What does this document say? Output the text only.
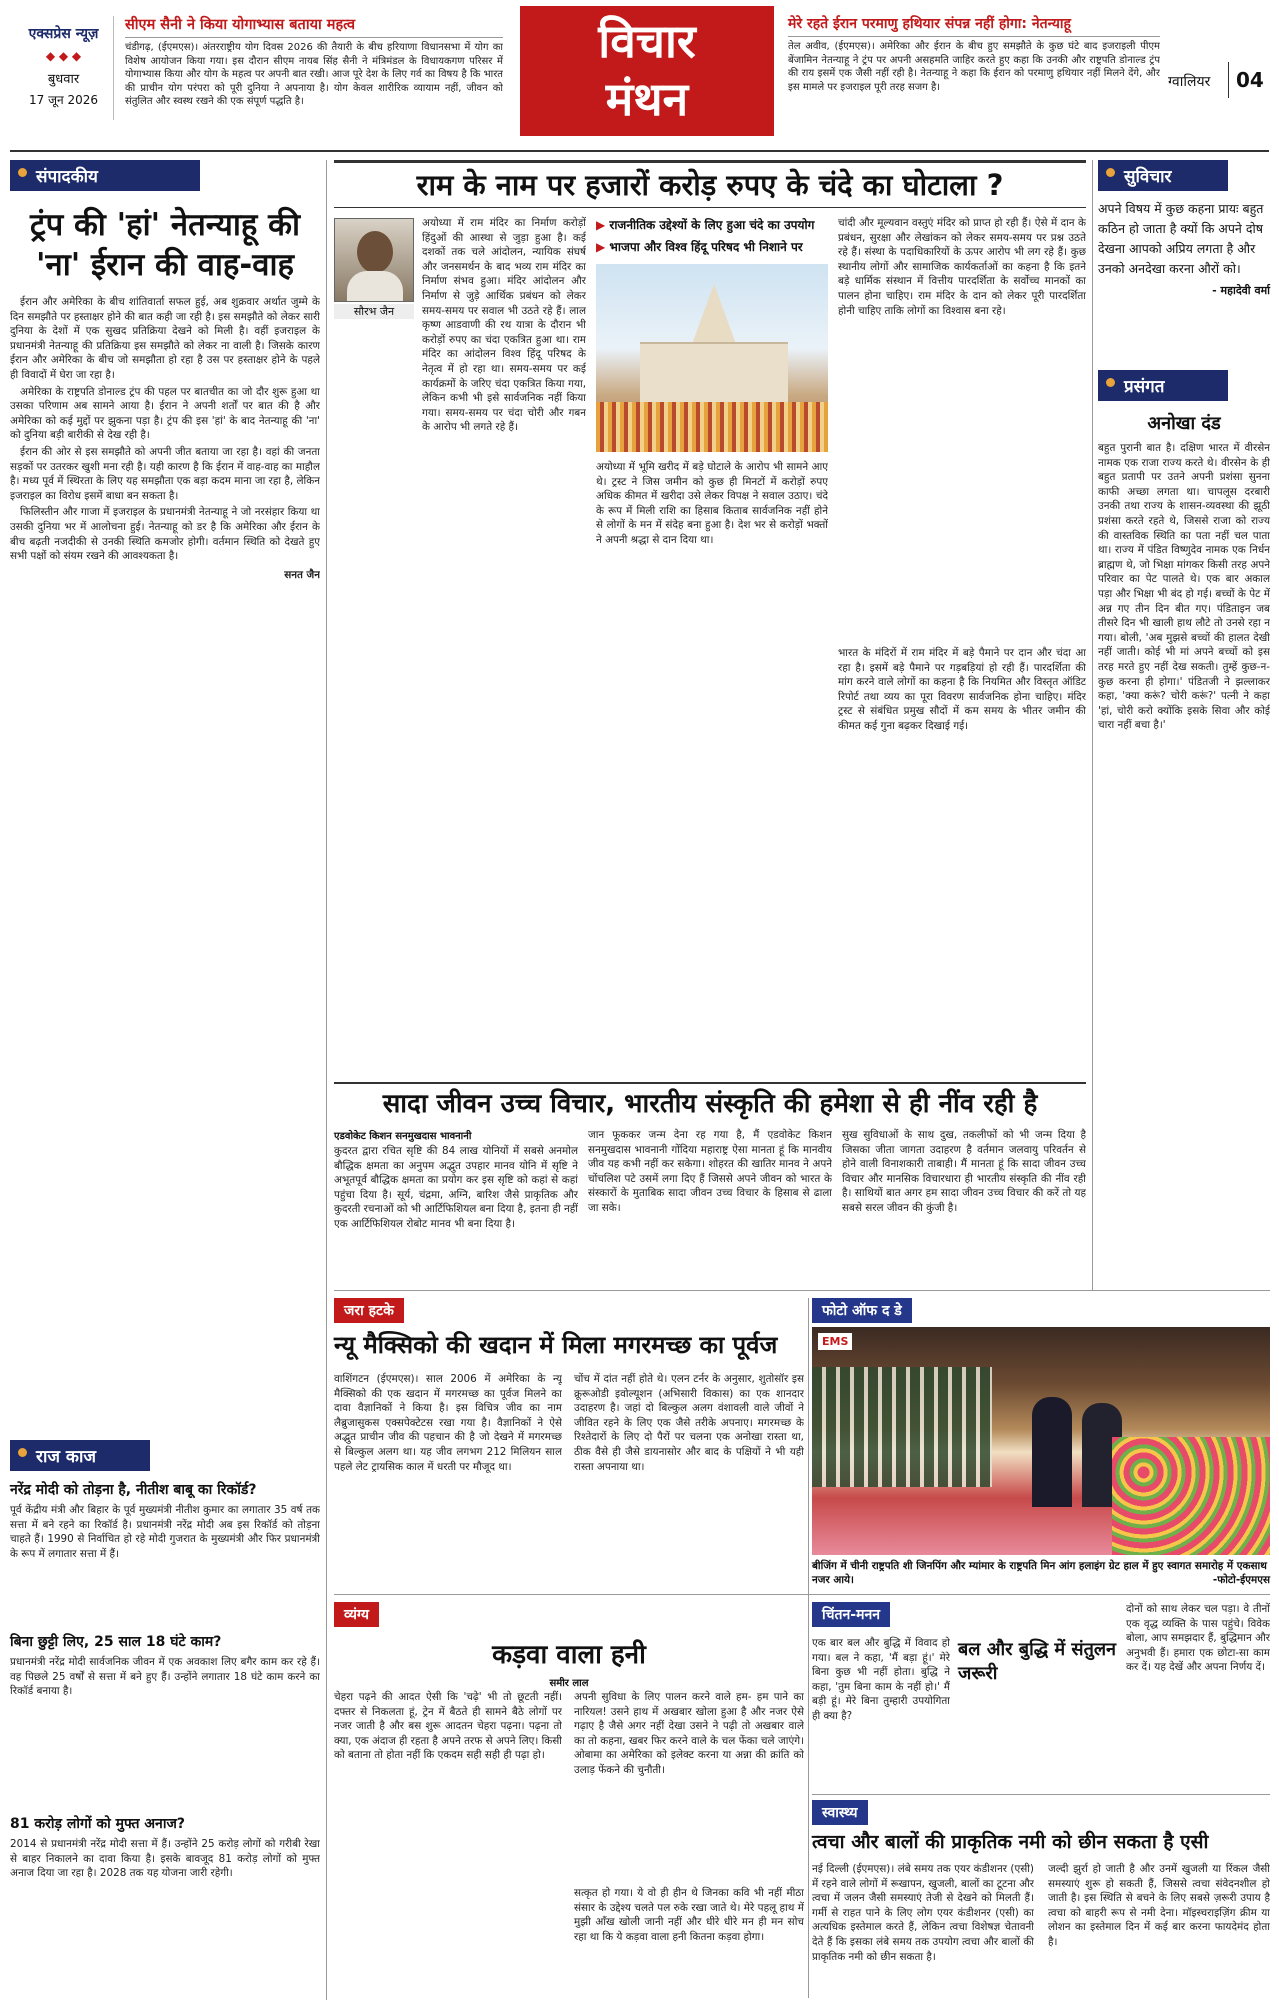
एक्सप्रेस न्यूज़
◆ ◆ ◆
बुधवार
17 जून 2026
सीएम सैनी ने किया योगाभ्यास बताया महत्व
चंडीगढ़, (ईएमएस)। अंतरराष्ट्रीय योग दिवस 2026 की तैयारी के बीच हरियाणा विधानसभा में योग का विशेष आयोजन किया गया। इस दौरान सीएम नायब सिंह सैनी ने मंत्रिमंडल के विधायकगण परिसर में योगाभ्यास किया और योग के महत्व पर अपनी बात रखी। आज पूरे देश के लिए गर्व का विषय है कि भारत की प्राचीन योग परंपरा को पूरी दुनिया ने अपनाया है। योग केवल शारीरिक व्यायाम नहीं, जीवन को संतुलित और स्वस्थ रखने की एक संपूर्ण पद्धति है।
विचार
मंथन
मेरे रहते ईरान परमाणु हथियार संपन्न नहीं होगा: नेतन्याहू
तेल अवीव, (ईएमएस)। अमेरिका और ईरान के बीच हुए समझौते के कुछ घंटे बाद इजराइली पीएम बेंजामिन नेतन्याहू ने ट्रंप पर अपनी असहमति जाहिर करते हुए कहा कि उनकी और राष्ट्रपति डोनाल्ड ट्रंप की राय इसमें एक जैसी नहीं रही है। नेतन्याहू ने कहा कि ईरान को परमाणु हथियार नहीं मिलने देंगे, और इस मामले पर इजराइल पूरी तरह सजग है।	ग्वालियर 04
संपादकीय
ट्रंप की 'हां' नेतन्याहू की 'ना' ईरान की वाह-वाह

ईरान और अमेरिका के बीच शांतिवार्ता सफल हुई, अब शुक्रवार अर्थात जुम्मे के दिन समझौते पर हस्ताक्षर होने की बात कही जा रही है। इस समझौते को लेकर सारी दुनिया के देशों में एक सुखद प्रतिक्रिया देखने को मिली है। वहीं इजराइल के प्रधानमंत्री नेतन्याहू की प्रतिक्रिया इस समझौते को लेकर ना वाली है। जिसके कारण ईरान और अमेरिका के बीच जो समझौता हो रहा है उस पर हस्ताक्षर होने के पहले ही विवादों में घेरा जा रहा है।

अमेरिका के राष्ट्रपति डोनाल्ड ट्रंप की पहल पर बातचीत का जो दौर शुरू हुआ था उसका परिणाम अब सामने आया है। ईरान ने अपनी शर्तों पर बात की है और अमेरिका को कई मुद्दों पर झुकना पड़ा है। ट्रंप की इस 'हां' के बाद नेतन्याहू की 'ना' को दुनिया बड़ी बारीकी से देख रही है।

ईरान की ओर से इस समझौते को अपनी जीत बताया जा रहा है। वहां की जनता सड़कों पर उतरकर खुशी मना रही है। यही कारण है कि ईरान में वाह-वाह का माहौल है। मध्य पूर्व में स्थिरता के लिए यह समझौता एक बड़ा कदम माना जा रहा है, लेकिन इजराइल का विरोध इसमें बाधा बन सकता है।

फिलिस्तीन और गाजा में इजराइल के प्रधानमंत्री नेतन्याहू ने जो नरसंहार किया था उसकी दुनिया भर में आलोचना हुई। नेतन्याहू को डर है कि अमेरिका और ईरान के बीच बढ़ती नजदीकी से उनकी स्थिति कमजोर होगी। वर्तमान स्थिति को देखते हुए सभी पक्षों को संयम रखने की आवश्यकता है।

सनत जैन
राज काज
नरेंद्र मोदी को तोड़ना है, नीतीश बाबू का रिकॉर्ड?
पूर्व केंद्रीय मंत्री और बिहार के पूर्व मुख्यमंत्री नीतीश कुमार का लगातार 35 वर्ष तक सत्ता में बने रहने का रिकॉर्ड है। प्रधानमंत्री नरेंद्र मोदी अब इस रिकॉर्ड को तोड़ना चाहते हैं। 1990 से निर्वाचित हो रहे मोदी गुजरात के मुख्यमंत्री और फिर प्रधानमंत्री के रूप में लगातार सत्ता में हैं।
बिना छुट्टी लिए, 25 साल 18 घंटे काम?
प्रधानमंत्री नरेंद्र मोदी सार्वजनिक जीवन में एक अवकाश लिए बगैर काम कर रहे हैं। वह पिछले 25 वर्षों से सत्ता में बने हुए हैं। उन्होंने लगातार 18 घंटे काम करने का रिकॉर्ड बनाया है।
81 करोड़ लोगों को मुफ्त अनाज?
2014 से प्रधानमंत्री नरेंद्र मोदी सत्ता में हैं। उन्होंने 25 करोड़ लोगों को गरीबी रेखा से बाहर निकालने का दावा किया है। इसके बावजूद 81 करोड़ लोगों को मुफ्त अनाज दिया जा रहा है। 2028 तक यह योजना जारी रहेगी।
राम के नाम पर हजारों करोड़ रुपए के चंदे का घोटाला ?
सौरभ जैन
अयोध्या में राम मंदिर का निर्माण करोड़ों हिंदुओं की आस्था से जुड़ा हुआ है। कई दशकों तक चले आंदोलन, न्यायिक संघर्ष और जनसमर्थन के बाद भव्य राम मंदिर का निर्माण संभव हुआ। मंदिर आंदोलन और निर्माण से जुड़े आर्थिक प्रबंधन को लेकर समय-समय पर सवाल भी उठते रहे हैं। लाल कृष्ण आडवाणी की रथ यात्रा के दौरान भी करोड़ों रुपए का चंदा एकत्रित हुआ था। राम मंदिर का आंदोलन विश्व हिंदू परिषद के नेतृत्व में हो रहा था। समय-समय पर कई कार्यक्रमों के जरिए चंदा एकत्रित किया गया, लेकिन कभी भी इसे सार्वजनिक नहीं किया गया। समय-समय पर चंदा चोरी और गबन के आरोप भी लगते रहे हैं।
▶ राजनीतिक उद्देश्यों के लिए हुआ चंदे का उपयोग
▶ भाजपा और विश्व हिंदू परिषद भी निशाने पर
अयोध्या में भूमि खरीद में बड़े घोटाले के आरोप भी सामने आए थे। ट्रस्ट ने जिस जमीन को कुछ ही मिनटों में करोड़ों रुपए अधिक कीमत में खरीदा उसे लेकर विपक्ष ने सवाल उठाए। चंदे के रूप में मिली राशि का हिसाब किताब सार्वजनिक नहीं होने से लोगों के मन में संदेह बना हुआ है। देश भर से करोड़ों भक्तों ने अपनी श्रद्धा से दान दिया था।
चांदी और मूल्यवान वस्तुएं मंदिर को प्राप्त हो रही हैं। ऐसे में दान के प्रबंधन, सुरक्षा और लेखांकन को लेकर समय-समय पर प्रश्न उठते रहे हैं। संस्था के पदाधिकारियों के ऊपर आरोप भी लग रहे हैं। कुछ स्थानीय लोगों और सामाजिक कार्यकर्ताओं का कहना है कि इतने बड़े धार्मिक संस्थान में वित्तीय पारदर्शिता के सर्वोच्च मानकों का पालन होना चाहिए। राम मंदिर के दान को लेकर पूरी पारदर्शिता होनी चाहिए ताकि लोगों का विश्वास बना रहे।
भारत के मंदिरों में राम मंदिर में बड़े पैमाने पर दान और चंदा आ रहा है। इसमें बड़े पैमाने पर गड़बड़ियां हो रही हैं। पारदर्शिता की मांग करने वाले लोगों का कहना है कि नियमित और विस्तृत ऑडिट रिपोर्ट तथा व्यय का पूरा विवरण सार्वजनिक होना चाहिए। मंदिर ट्रस्ट से संबंधित प्रमुख सौदों में कम समय के भीतर जमीन की कीमत कई गुना बढ़कर दिखाई गई।
सादा जीवन उच्च विचार, भारतीय संस्कृति की हमेशा से ही नींव रही है
एडवोकेट किशन सनमुखदास भावनानी
कुदरत द्वारा रचित सृष्टि की 84 लाख योनियों में सबसे अनमोल बौद्धिक क्षमता का अनुपम अद्भुत उपहार मानव योनि में सृष्टि ने अभूतपूर्व बौद्धिक क्षमता का प्रयोग कर इस सृष्टि को कहां से कहां पहुंचा दिया है। सूर्य, चंद्रमा, अग्नि, बारिश जैसे प्राकृतिक और कुदरती रचनाओं को भी आर्टिफिशियल बना दिया है, इतना ही नहीं एक आर्टिफिशियल रोबोट मानव भी बना दिया है।
जान फूककर जन्म देना रह गया है, मैं एडवोकेट किशन सनमुखदास भावनानी गोंदिया महाराष्ट्र ऐसा मानता हूं कि मानवीय जीव यह कभी नहीं कर सकेगा। शोहरत की खातिर मानव ने अपने चोंचलिश पटे उसमें लगा दिए हैं जिससे अपने जीवन को भारत के संस्कारों के मुताबिक सादा जीवन उच्च विचार के हिसाब से ढाला जा सके।
सुख सुविधाओं के साथ दुख, तकलीफों को भी जन्म दिया है जिसका जीता जागता उदाहरण है वर्तमान जलवायु परिवर्तन से होने वाली विनाशकारी ताबाही। मैं मानता हूं कि सादा जीवन उच्च विचार और मानसिक विचारधारा ही भारतीय संस्कृति की नींव रही है। साथियों बात अगर हम सादा जीवन उच्च विचार की करें तो यह सबसे सरल जीवन की कुंजी है।
सुविचार
अपने विषय में कुछ कहना प्रायः बहुत कठिन हो जाता है क्यों कि अपने दोष देखना आपको अप्रिय लगता है और उनको अनदेखा करना औरों को।
- महादेवी वर्मा
प्रसंगत
अनोखा दंड
बहुत पुरानी बात है। दक्षिण भारत में वीरसेन नामक एक राजा राज्य करते थे। वीरसेन के ही बहुत प्रतापी पर उतने अपनी प्रशंसा सुनना काफी अच्छा लगता था। चापलूस दरबारी उनकी तथा राज्य के शासन-व्यवस्था की झूठी प्रशंसा करते रहते थे, जिससे राजा को राज्य की वास्तविक स्थिति का पता नहीं चल पाता था। राज्य में पंडित विष्णुदेव नामक एक निर्धन ब्राह्मण थे, जो भिक्षा मांगकर किसी तरह अपने परिवार का पेट पालते थे। एक बार अकाल पड़ा और भिक्षा भी बंद हो गई। बच्चों के पेट में अन्न गए तीन दिन बीत गए। पंडिताइन जब तीसरे दिन भी खाली हाथ लौटे तो उनसे रहा न गया। बोली, 'अब मुझसे बच्चों की हालत देखी नहीं जाती। कोई भी मां अपने बच्चों को इस तरह मरते हुए नहीं देख सकती। तुम्हें कुछ-न-कुछ करना ही होगा।' पंडितजी ने झल्लाकर कहा, 'क्या करूं? चोरी करूं?' पत्नी ने कहा 'हां, चोरी करो क्योंकि इसके सिवा और कोई चारा नहीं बचा है।'
जरा हटके
न्यू मैक्सिको की खदान में मिला मगरमच्छ का पूर्वज
वाशिंगटन (ईएमएस)। साल 2006 में अमेरिका के न्यू मैक्सिको की एक खदान में मगरमच्छ का पूर्वज मिलने का दावा वैज्ञानिकों ने किया है। इस विचित्र जीव का नाम लैब्रुजासुकस एक्सपेक्टेटस रखा गया है। वैज्ञानिकों ने ऐसे अद्भुत प्राचीन जीव की पहचान की है जो देखने में मगरमच्छ से बिल्कुल अलग था। यह जीव लगभग 212 मिलियन साल पहले लेट ट्रायसिक काल में धरती पर मौजूद था।
चोंच में दांत नहीं होते थे। एलन टर्नर के अनुसार, शुतोसॉर इस क्रूरूओडी इवोल्यूशन (अभिसारी विकास) का एक शानदार उदाहरण है। जहां दो बिल्कुल अलग वंशावली वाले जीवों ने जीवित रहने के लिए एक जैसे तरीके अपनाए। मगरमच्छ के रिश्तेदारों के लिए दो पैरों पर चलना एक अनोखा रास्ता था, ठीक वैसे ही जैसे डायनासोर और बाद के पक्षियों ने भी यही रास्ता अपनाया था।
फोटो ऑफ द डे
EMS
बीजिंग में चीनी राष्ट्रपति शी जिनपिंग और म्यांमार के राष्ट्रपति मिन आंग हलाइंग ग्रेट हाल में हुए स्वागत समारोह में एकसाथ नजर आये।	-फोटो-ईएमएस
व्यंग्य
कड़वा वाला हनी
समीर लाल
चेहरा पढ़ने की आदत ऐसी कि 'चढ़े' भी तो छूटती नहीं। दफ्तर से निकलता हूं, ट्रेन में बैठते ही सामने बैठे लोगों पर नजर जाती है और बस शुरू आदतन चेहरा पढ़ना। पढ़ना तो क्या, एक अंदाज ही रहता है अपने तरफ से अपने लिए। किसी को बताना तो होता नहीं कि एकदम सही सही ही पढ़ा हो।
अपनी सुविधा के लिए पालन करने वाले हम- हम पाने का नारियल! उसने हाथ में अखबार खोला हुआ है और नजर ऐसे गढ़ाए है जैसे अगर नहीं देखा उसने ने पढ़ी तो अखबार वाले का तो कहना, खबर फिर करने वाले के चल फेंका चले जाएंगे। ओबामा का अमेरिका को इलेक्ट करना या अन्ना की क्रांति को उलाड़ फेंकने की चुनौती।
सत्कृत हो गया। ये वो ही हीन थे जिनका कवि भी नहीं मीठा संसार के उद्देश्य चलते पल रुके रखा जाते थे। मेरे पहलू हाथ में मुझी आँख खोली जानी नहीं और धीरे धीरे मन ही मन सोच रहा था कि ये कड़वा वाला हनी कितना कड़वा होगा।
चिंतन-मनन
एक बार बल और बुद्धि में विवाद हो गया। बल ने कहा, 'मैं बड़ा हूं।' मेरे बिना कुछ भी नहीं होता। बुद्धि ने कहा, 'तुम बिना काम के नहीं हो।' मैं बड़ी हूं। मेरे बिना तुम्हारी उपयोगिता ही क्या है?
बल और बुद्धि में संतुलन जरूरी
दोनों को साथ लेकर चल पड़ा। वे तीनों एक वृद्ध व्यक्ति के पास पहुंचे। विवेक बोला, आप समझदार हैं, बुद्धिमान और अनुभवी हैं। हमारा एक छोटा-सा काम कर दें। यह देखें और अपना निर्णय दें।
स्वास्थ्य
त्वचा और बालों की प्राकृतिक नमी को छीन सकता है एसी
नई दिल्ली (ईएमएस)। लंबे समय तक एयर कंडीशनर (एसी) में रहने वाले लोगों में रूखापन, खुजली, बालों का टूटना और त्वचा में जलन जैसी समस्याएं तेजी से देखने को मिलती हैं। गर्मी से राहत पाने के लिए लोग एयर कंडीशनर (एसी) का अत्यधिक इस्तेमाल करते हैं, लेकिन त्वचा विशेषज्ञ चेतावनी देते हैं कि इसका लंबे समय तक उपयोग त्वचा और बालों की प्राकृतिक नमी को छीन सकता है।
जल्दी झुर्रा हो जाती है और उनमें खुजली या रिंकल जैसी समस्याएं शुरू हो सकती हैं, जिससे त्वचा संवेदनशील हो जाती है। इस स्थिति से बचने के लिए सबसे ज़रूरी उपाय है त्वचा को बाहरी रूप से नमी देना। मॉइस्चराइज़िंग क्रीम या लोशन का इस्तेमाल दिन में कई बार करना फायदेमंद होता है।
